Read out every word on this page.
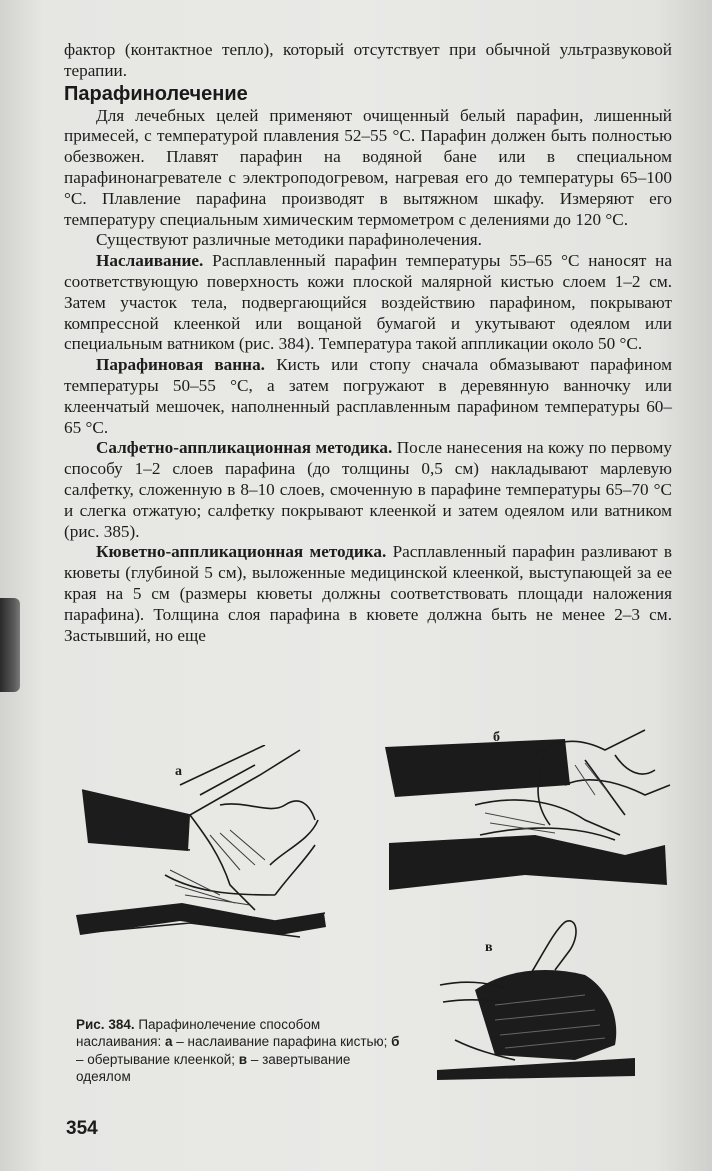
фактор (контактное тепло), который отсутствует при обычной ультразвуковой терапии.

Парафинолечение

Для лечебных целей применяют очищенный белый парафин, лишенный примесей, с температурой плавления 52–55 °С. Парафин должен быть полностью обезвожен. Плавят парафин на водяной бане или в специальном парафинонагревателе с электроподогревом, нагревая его до температуры 65–100 °С. Плавление парафина производят в вытяжном шкафу. Измеряют его температуру специальным химическим термометром с делениями до 120 °С.

Существуют различные методики парафинолечения.

Наслаивание. Расплавленный парафин температуры 55–65 °С наносят на соответствующую поверхность кожи плоской малярной кистью слоем 1–2 см. Затем участок тела, подвергающийся воздействию парафином, покрывают компрессной клеенкой или вощаной бумагой и укутывают одеялом или специальным ватником (рис. 384). Температура такой аппликации около 50 °С.

Парафиновая ванна. Кисть или стопу сначала обмазывают парафином температуры 50–55 °С, а затем погружают в деревянную ванночку или клеенчатый мешочек, наполненный расплавленным парафином температуры 60–65 °С.

Салфетно-аппликационная методика. После нанесения на кожу по первому способу 1–2 слоев парафина (до толщины 0,5 см) накладывают марлевую салфетку, сложенную в 8–10 слоев, смоченную в парафине температуры 65–70 °С и слегка отжатую; салфетку покрывают клеенкой и затем одеялом или ватником (рис. 385).

Кюветно-аппликационная методика. Расплавленный парафин разливают в кюветы (глубиной 5 см), выложенные медицинской клеенкой, выступающей за ее края на 5 см (размеры кюветы должны соответствовать площади наложения парафина). Толщина слоя парафина в кювете должна быть не менее 2–3 см. Застывший, но еще

а
б
в
Рис. 384. Парафинолечение способом наслаивания: а – наслаивание парафина кистью; б – обертывание клеенкой; в – завертывание одеялом
354
